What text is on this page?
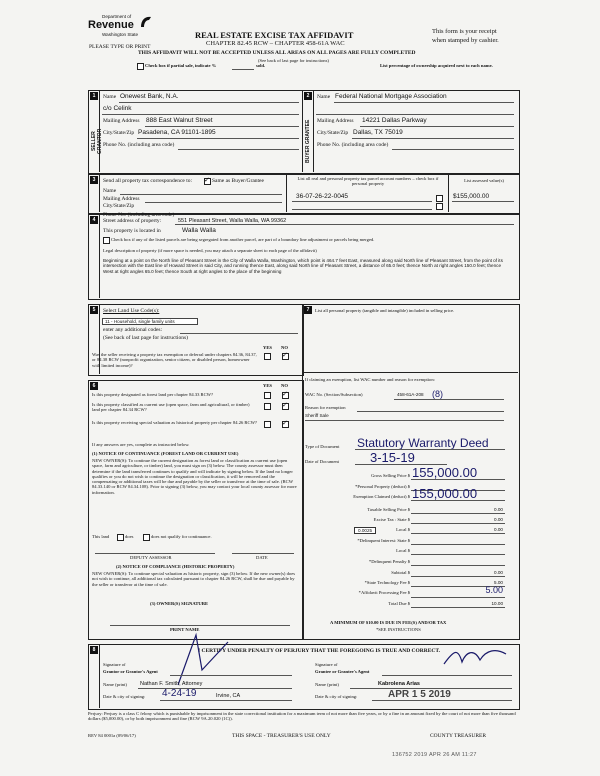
Department of
Revenue
Washington State
PLEASE TYPE OR PRINT
REAL ESTATE EXCISE TAX AFFIDAVIT
CHAPTER 82.45 RCW – CHAPTER 458-61A WAC
This form is your receipt
when stamped by cashier.
THIS AFFIDAVIT WILL NOT BE ACCEPTED UNLESS ALL AREAS ON ALL PAGES ARE FULLY COMPLETED
(See back of last page for instructions)
Check box if partial sale, indicate %	sold.	List percentage of ownership acquired next to each name.
1	2
SELLER GRANTOR	BUYER GRANTEE
Name Onewest Bank, N.A.
c/o Celink
Mailing Address 888 East Walnut Street
City/State/Zip Pasadena, CA 91101-1895
Phone No. (including area code)
Name Federal National Mortgage Association
Mailing Address 14221 Dallas Parkway
City/State/Zip Dallas, TX 75019
Phone No. (including area code)
3	Send all property tax correspondence to: ✓	Same as Buyer/Grantee
Name
Mailing Address
City/State/Zip
Phone No. (including area code)
List all real and personal property tax parcel account numbers – check box if personal property
List assessed value(s)
36-07-26-22-0045	$155,000.00
4	Street address of property:	551 Pleasant Street, Walla Walla, WA 99362
This property is located in	Walla Walla
Check box if any of the listed parcels are being segregated from another parcel, are part of a boundary line adjustment or parcels being merged.
Legal description of property (if more space is needed, you may attach a separate sheet to each page of the affidavit)
Beginning at a point on the North line of Pleasant Street in the City of Walla Walla, Washington, which point is 464.7 feet East, measured along said North line of Pleasant Street, from the point of its intersection with the East line of Howard Street in said City, and running thence East, along said North line of Pleasant Street, a distance of 65.0 feet; thence North at right angles 150.0 feet; thence West at right angles 65.0 feet; thence South at right angles to the place of the beginning
5	Select Land Use Code(s):
11 - Household, single family units
enter any additional codes:
(See back of last page for instructions)
YES NO
Was the seller receiving a property tax exemption or deferral under chapters 84.36, 84.37, or 84.38 RCW (nonprofit organization, senior citizen, or disabled person, homeowner with limited income)?
✓
6	YES NO
Is this property designated as forest land per chapter 84.33 RCW?
✓
Is this property classified as current use (open space, farm and agricultural, or timber) land per chapter 84.34 RCW?
✓
Is this property receiving special valuation as historical property per chapter 84.26 RCW?
✓
If any answers are yes, complete as instructed below.
(1) NOTICE OF CONTINUANCE (FOREST LAND OR CURRENT USE)
NEW OWNER(S): To continue the current designation as forest land or classification as current use (open space, farm and agriculture, or timber) land, you must sign on (3) below. The county assessor must then determine if the land transferred continues to qualify and will indicate by signing below. If the land no longer qualifies or you do not wish to continue the designation or classification, it will be removed and the compensating or additional taxes will be due and payable by the seller or transferor at the time of sale. (RCW 84.33.140 or RCW 84.34.108). Prior to signing (3) below, you may contact your local county assessor for more information.
This land	does	does not qualify for continuance.
DEPUTY ASSESSOR	DATE
(2) NOTICE OF COMPLIANCE (HISTORIC PROPERTY)
NEW OWNER(S): To continue special valuation as historic property, sign (3) below. If the new owner(s) does not wish to continue, all additional tax calculated pursuant to chapter 84.26 RCW, shall be due and payable by the seller or transferor at the time of sale.
(3) OWNER(S) SIGNATURE
PRINT NAME
7	List all personal property (tangible and intangible) included in selling price.
If claiming an exemption, list WAC number and reason for exemption:
WAC No. (Section/Subsection)	458-61A-208 (8)
Reason for exemption
Sheriff Sale
Type of Document Statutory Warranty Deed
Date of Document 3-15-19
Gross Selling Price $ 155,000.00
*Personal Property (deduct) $
Exemption Claimed (deduct) $ 155,000.00
Taxable Selling Price $	0.00
Excise Tax : State $	0.00
0.0025	Local $	0.00
*Delinquent Interest: State $
Local $
*Delinquent Penalty $
Subtotal $	0.00
*State Technology Fee $	5.00
*Affidavit Processing Fee $	5.00
Total Due $	10.00
A MINIMUM OF $10.00 IS DUE IN FEE(S) AND/OR TAX
*SEE INSTRUCTIONS
8	I CERTIFY UNDER PENALTY OF PERJURY THAT THE FOREGOING IS TRUE AND CORRECT.
Signature of
Grantor or Grantor's Agent
Name (print) Nathan F. Smith, Attorney
Date & city of signing: 4-24-19	Irvine, CA
Signature of
Grantee or Grantee's Agent
Name (print)	Kabrolena Arias
Date & city of signing:	APR 1 5 2019
Perjury: Perjury is a class C felony which is punishable by imprisonment in the state correctional institution for a maximum term of not more than five years, or by a fine in an amount fixed by the court of not more than five thousand dollars ($5,000.00), or by both imprisonment and fine (RCW 9A.20.020 (1C)).
REV 84 0001a (09/06/17)	THIS SPACE - TREASURER'S USE ONLY	COUNTY TREASURER
136752 2019 APR 26 AM 11:27
